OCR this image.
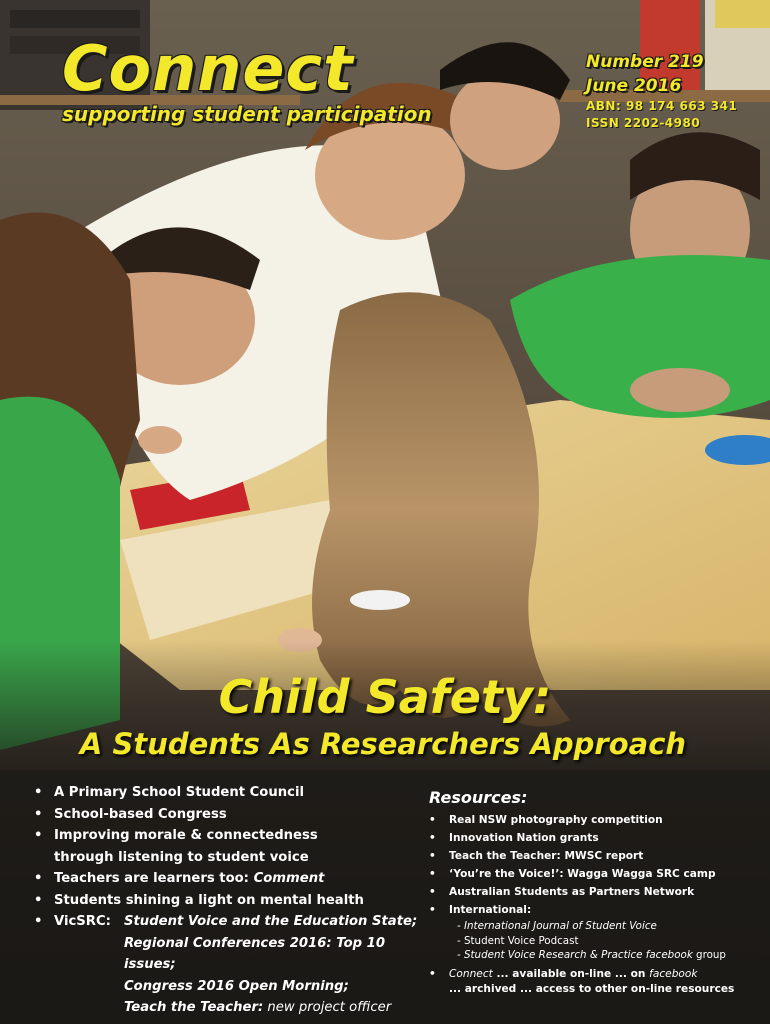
Connect
supporting student participation
Number 219
June 2016
ABN: 98 174 663 341
ISSN 2202-4980
Child Safety:
A Students As Researchers Approach
• A Primary School Student Council
• School-based Congress
• Improving morale & connectedness
through listening to student voice
• Teachers are learners too: Comment
• Students shining a light on mental health
• VicSRC: Student Voice and the Education State;
Regional Conferences 2016: Top 10 issues;
Congress 2016 Open Morning;
Teach the Teacher: new project officer
Resources:
• Real NSW photography competition
• Innovation Nation grants
• Teach the Teacher: MWSC report
• ‘You’re the Voice!’: Wagga Wagga SRC camp
• Australian Students as Partners Network
• International:
- International Journal of Student Voice
- Student Voice Podcast
- Student Voice Research & Practice facebook group
• Connect ... available on-line ... on facebook
... archived ... access to other on-line resources
